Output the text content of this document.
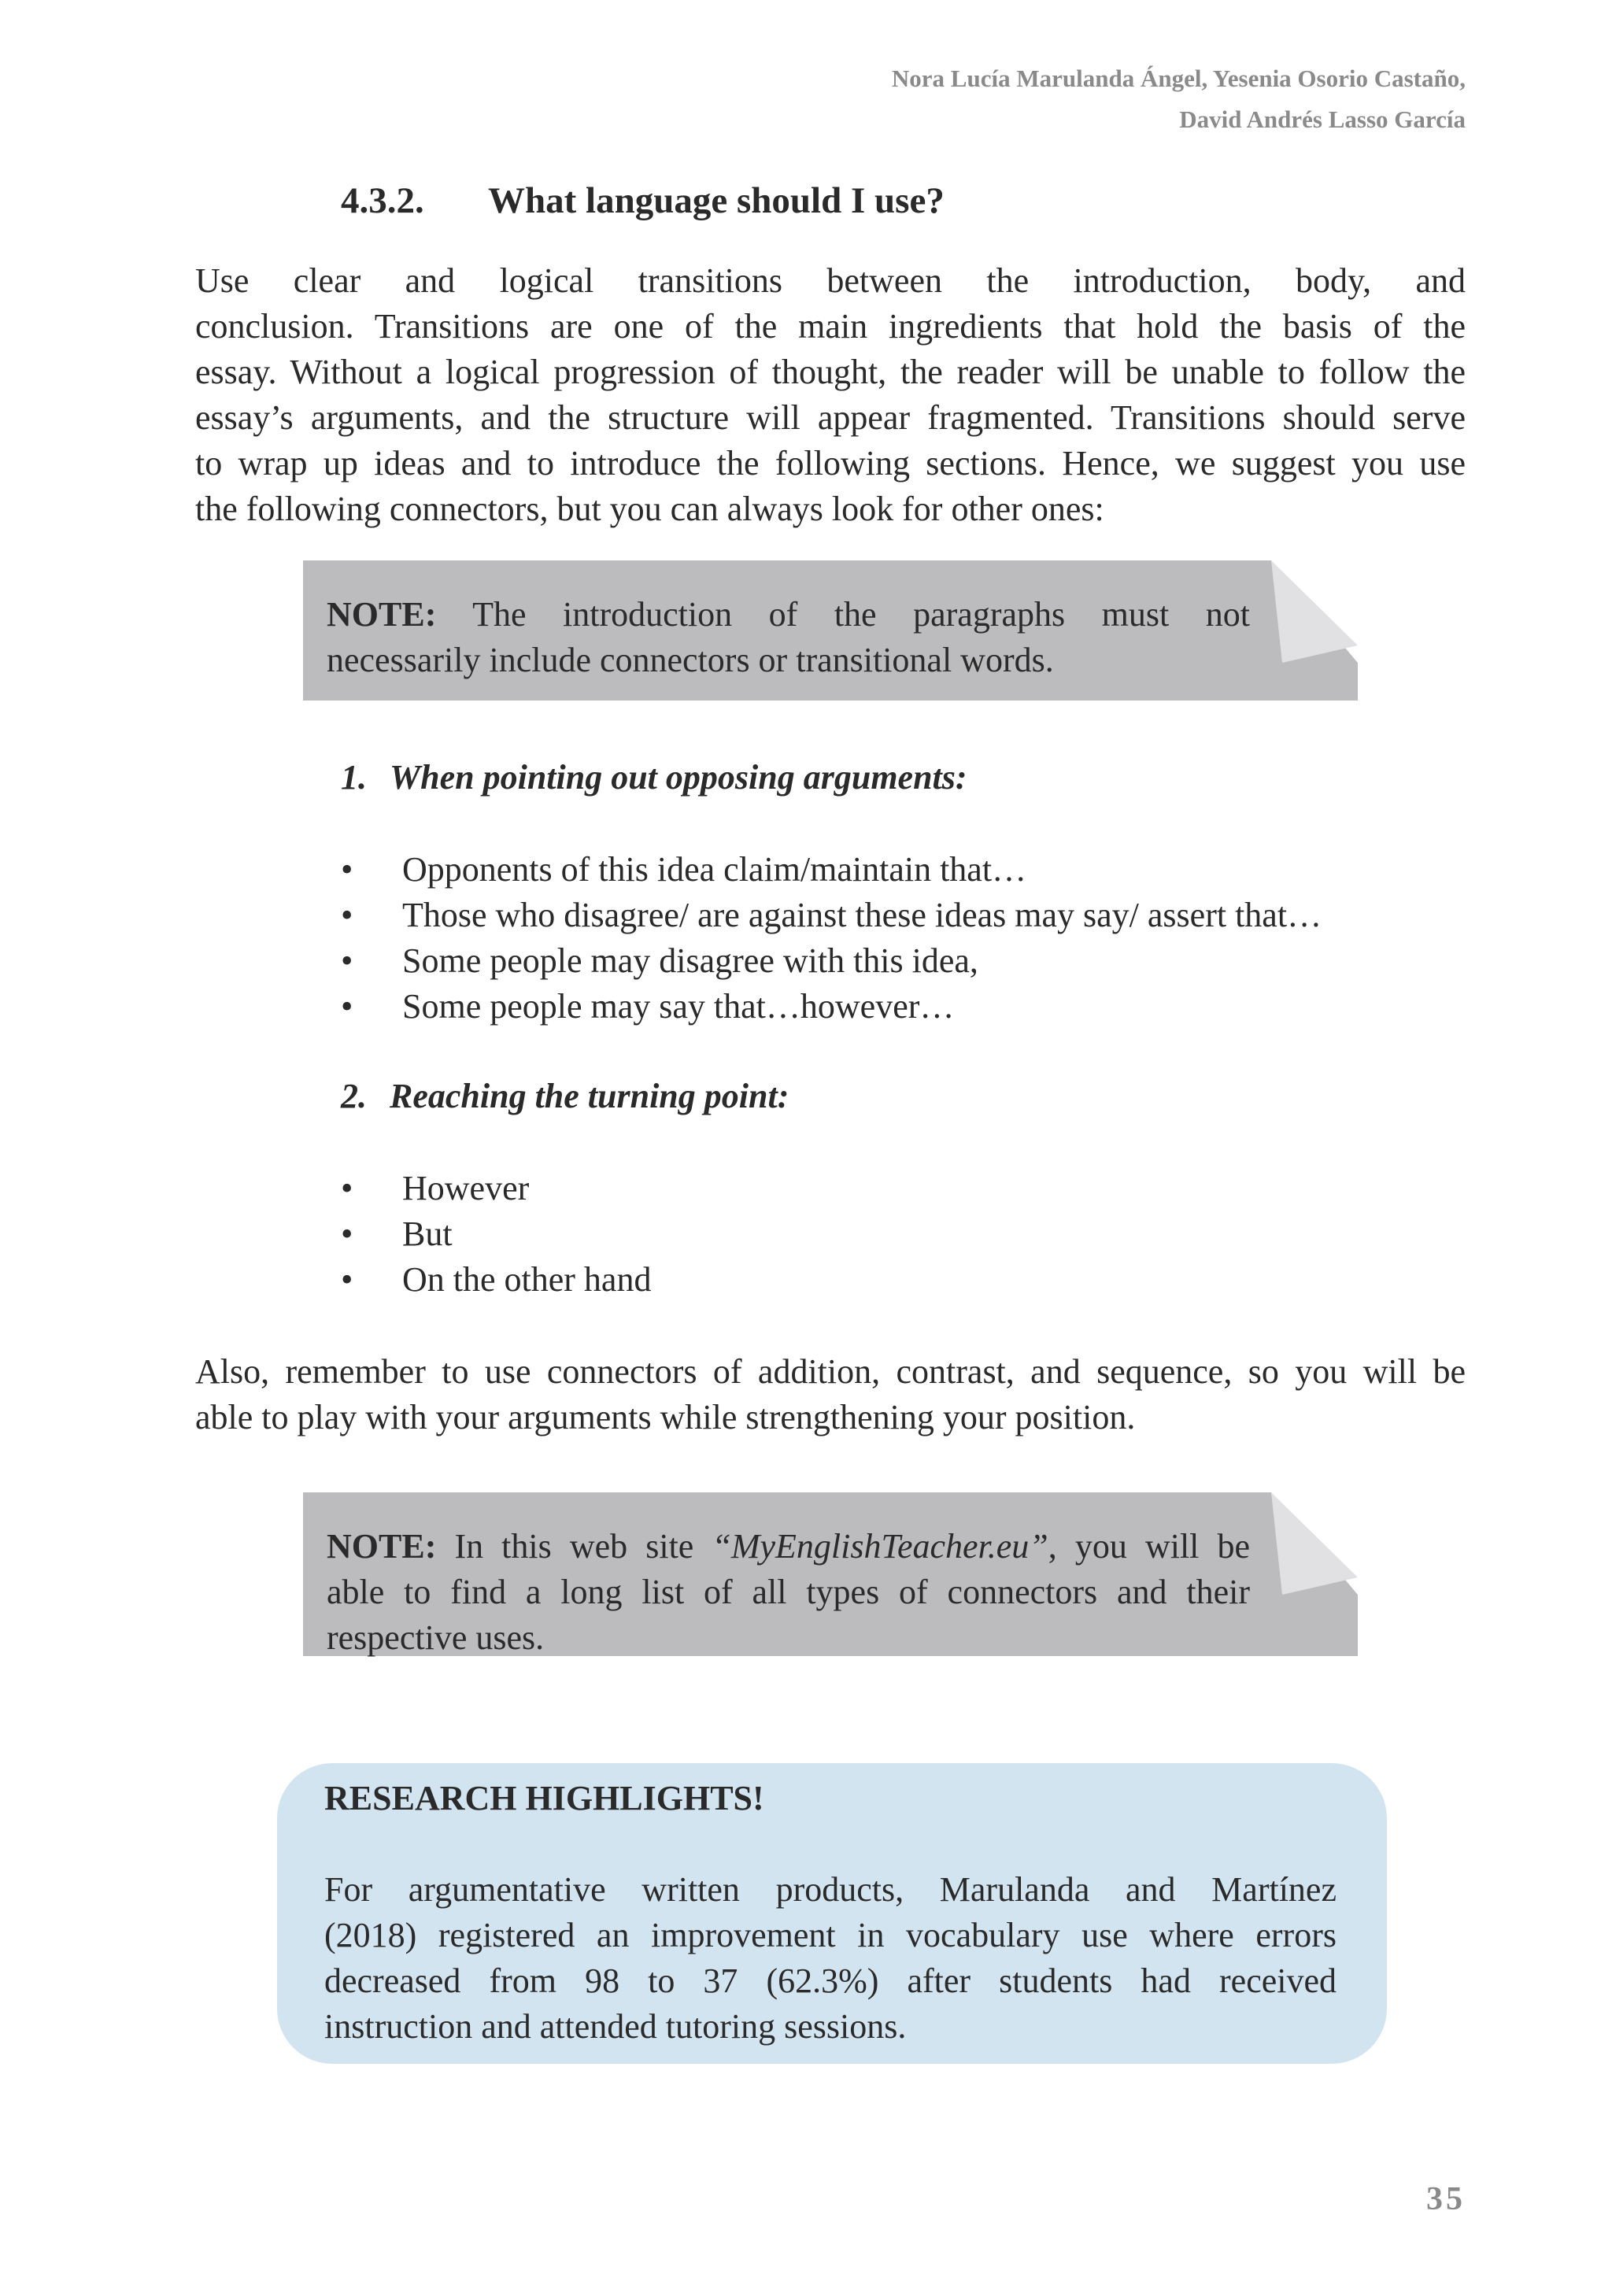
Nora Lucía Marulanda Ángel, Yesenia Osorio Castaño,
David Andrés Lasso García
4.3.2. What language should I use?
Use clear and logical transitions between the introduction, body, and
conclusion. Transitions are one of the main ingredients that hold the basis of the
essay. Without a logical progression of thought, the reader will be unable to follow the
essay’s arguments, and the structure will appear fragmented. Transitions should serve
to wrap up ideas and to introduce the following sections. Hence, we suggest you use
the following connectors, but you can always look for other ones:
NOTE: The introduction of the paragraphs must not
necessarily include connectors or transitional words.
1. When pointing out opposing arguments:
• Opponents of this idea claim/maintain that…
• Those who disagree/ are against these ideas may say/ assert that…
• Some people may disagree with this idea,
• Some people may say that…however…
2. Reaching the turning point:
• However
• But
• On the other hand
Also, remember to use connectors of addition, contrast, and sequence, so you will be
able to play with your arguments while strengthening your position.
NOTE: In this web site “MyEnglishTeacher.eu”, you will be
able to find a long list of all types of connectors and their
respective uses.
RESEARCH HIGHLIGHTS!
For argumentative written products, Marulanda and Martínez
(2018) registered an improvement in vocabulary use where errors
decreased from 98 to 37 (62.3%) after students had received
instruction and attended tutoring sessions.
35
